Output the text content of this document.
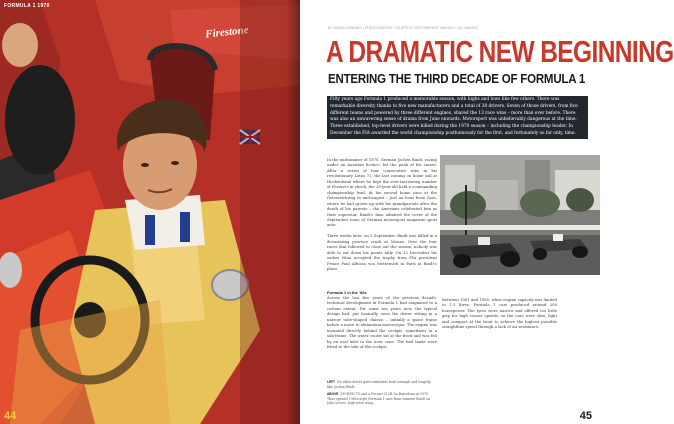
Firestone
FORMULA 1 1970
44
BY SIMON DOWNES | PHOTOGRAPHS: COURTESY MOTORSPORT IMAGES / LAT IMAGES
A DRAMATIC NEW BEGINNING
ENTERING THE THIRD DECADE OF FORMULA 1

Fifty years ago Formula 1 produced a memorable season, with highs and lows like few others. There was remarkable diversity thanks to five new manufacturers and a total of 38 drivers. Seven of those drivers, from five different teams and powered by three different engines, shared the 13 race wins – more than ever before. There was also an unwavering sense of drama from June onwards. Motorsport was unbelievably dangerous at the time. Three established, top-level drivers were killed during the 1970 season – including the championship leader. In December the FIA awarded the world championship posthumously for the first, and fortunately so far only, time.

In the midsummer of 1970, German Jochen Rindt, racing under an Austrian licence, hit the peak of his career. After a series of four consecutive wins in his revolutionary Lotus 72, the last coming on home soil at Hockenheim where he kept the ever-increasing number of Ferrari's in check, the 28-year-old held a commanding championship lead. At his second home race at the Österreichring in mid-August – just an hour from Graz, where he had grown up with his grandparents after the death of his parents – the Austrians celebrated him as their superstar. Rindt's fans admired the cover of the September issue of German motorsport magazine sport auto.

Three weeks later, on 5 September, Rindt was killed in a devastating practice crash at Monza. Over the four races that followed to close out the season, nobody was able to eat down his points tally. On 12 December his widow Nina accepted the trophy from FIA president Prince Paul Alfonso von Metternich in Paris in Rindt's place.

Formula 1 in the '60s

Across the last five years of the previous decade, technical development in Formula 1 had stagnated to a certain extent. For some ten years now, the typical design had, put basically, seen the driver sitting in a narrow tube-shaped chassis – initially a space frame before a move to aluminium monocoque. The engine was mounted directly behind the cockpit, sometimes in a sub-frame. The water cooler sat at the front and was fed by an oval inlet in the nose cone. The fuel tanks were fitted to the side of the cockpit.

Between 1961 and 1965, when engine capacity was limited to 1.5 litres, Formula 1 cars produced around 200 horsepower. The tyres were narrow and offered too little grip for high corner speeds, so the cars were slim, light and compact at the front to achieve the highest possible straightline speed through a lack of air resistance.

LEFT No other driver quite embodies both triumph and tragedy like Jochen Rindt.

ABOVE JOCHEN TO and a Ferrari 312B: In Barcelona in 1970. Thus opened 1960s-style Formula 1 cars from winners Rindt on John Lowes, high retro wing.

45
